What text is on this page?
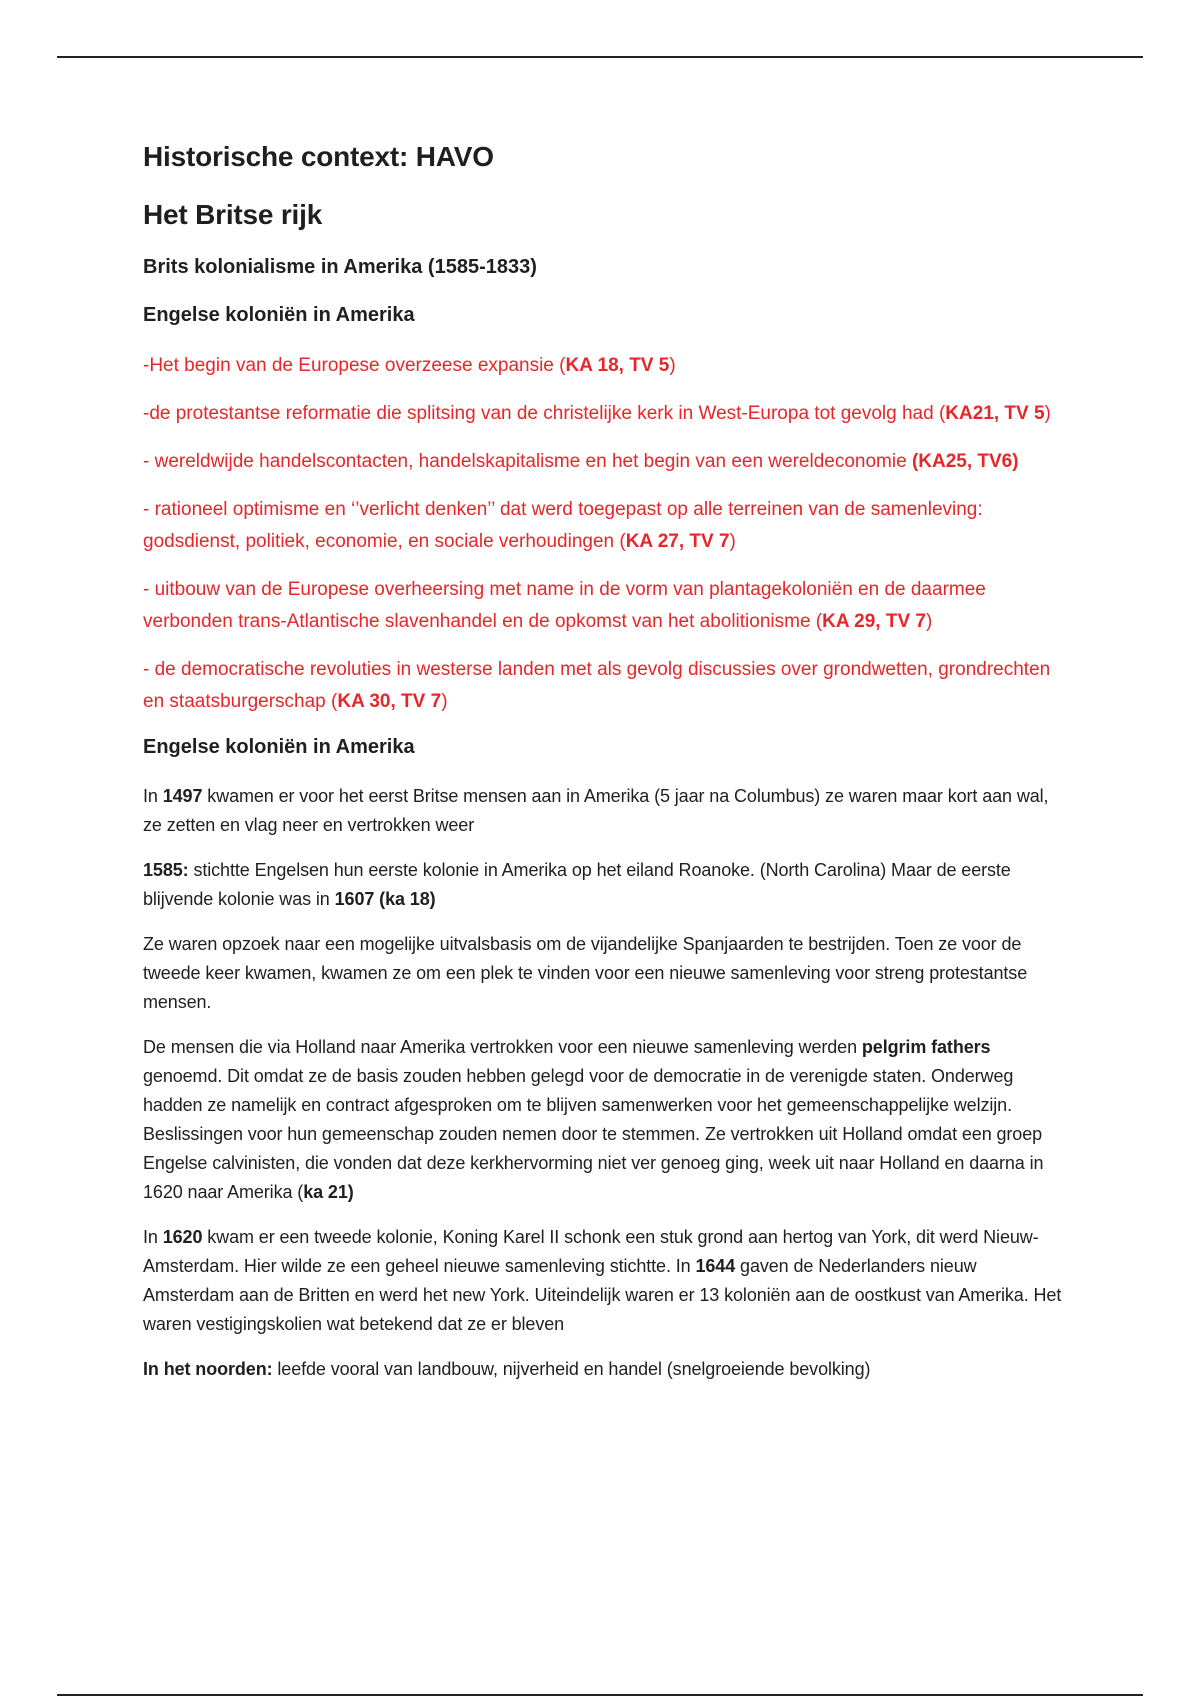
Historische context: HAVO
Het Britse rijk
Brits kolonialisme in Amerika (1585-1833)
Engelse koloniën in Amerika
-Het begin van de Europese overzeese expansie (KA 18, TV 5)
-de protestantse reformatie die splitsing van de christelijke kerk in West-Europa tot gevolg had (KA21, TV 5)
- wereldwijde handelscontacten, handelskapitalisme en het begin van een wereldeconomie (KA25, TV6)
- rationeel optimisme en ‘’verlicht denken’’ dat werd toegepast op alle terreinen van de samenleving: godsdienst, politiek, economie, en sociale verhoudingen (KA 27, TV 7)
- uitbouw van de Europese overheersing met name in de vorm van plantagekoloniën en de daarmee verbonden trans-Atlantische slavenhandel en de opkomst van het abolitionisme (KA 29, TV 7)
- de democratische revoluties in westerse landen met als gevolg discussies over grondwetten, grondrechten en staatsburgerschap (KA 30, TV 7)
Engelse koloniën in Amerika
In 1497 kwamen er voor het eerst Britse mensen aan in Amerika (5 jaar na Columbus) ze waren maar kort aan wal, ze zetten en vlag neer en vertrokken weer
1585: stichtte Engelsen hun eerste kolonie in Amerika op het eiland Roanoke. (North Carolina) Maar de eerste blijvende kolonie was in 1607 (ka 18)
Ze waren opzoek naar een mogelijke uitvalsbasis om de vijandelijke Spanjaarden te bestrijden. Toen ze voor de tweede keer kwamen, kwamen ze om een plek te vinden voor een nieuwe samenleving voor streng protestantse mensen.
De mensen die via Holland naar Amerika vertrokken voor een nieuwe samenleving werden pelgrim fathers genoemd. Dit omdat ze de basis zouden hebben gelegd voor de democratie in de verenigde staten. Onderweg hadden ze namelijk en contract afgesproken om te blijven samenwerken voor het gemeenschappelijke welzijn. Beslissingen voor hun gemeenschap zouden nemen door te stemmen. Ze vertrokken uit Holland omdat een groep Engelse calvinisten, die vonden dat deze kerkhervorming niet ver genoeg ging, week uit naar Holland en daarna in 1620 naar Amerika (ka 21)
In 1620 kwam er een tweede kolonie, Koning Karel II schonk een stuk grond aan hertog van York, dit werd Nieuw-Amsterdam. Hier wilde ze een geheel nieuwe samenleving stichtte. In 1644 gaven de Nederlanders nieuw Amsterdam aan de Britten en werd het new York. Uiteindelijk waren er 13 koloniën aan de oostkust van Amerika. Het waren vestigingskolien wat betekend dat ze er bleven
In het noorden: leefde vooral van landbouw, nijverheid en handel (snelgroeiende bevolking)
